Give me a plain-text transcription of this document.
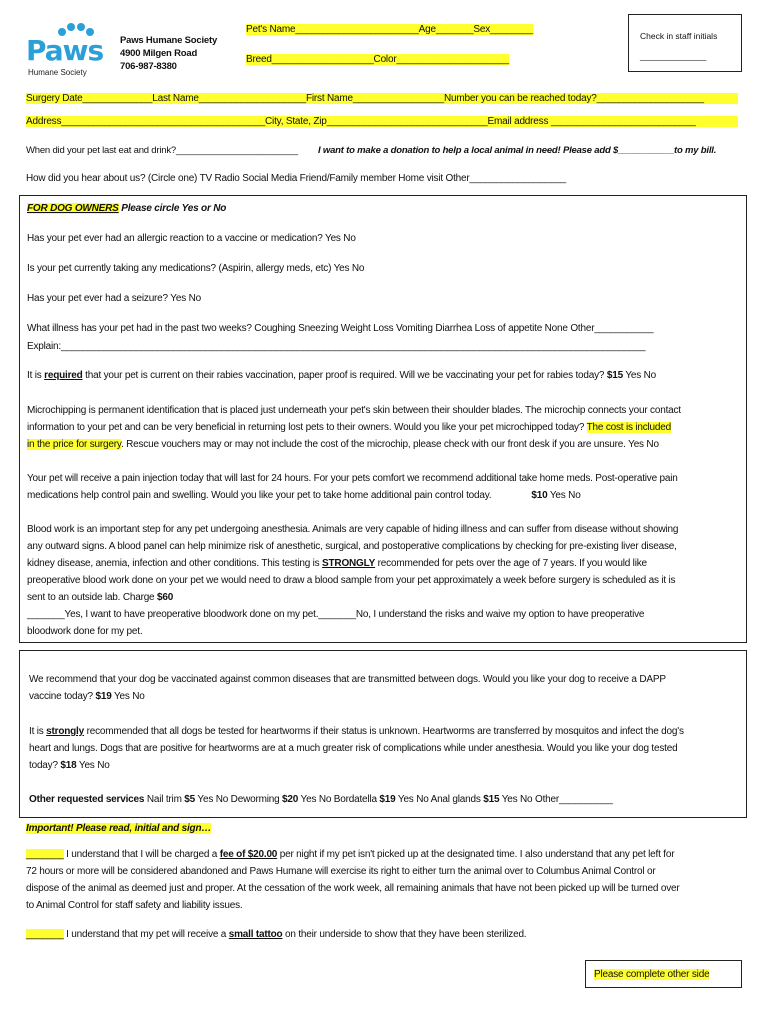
Paws
Humane Society
Paws Humane Society
4900 Milgen Road
706-987-8380
Pet's Name_______________________Age_______Sex________
Breed___________________Color_____________________
Check in staff initials
______________
Surgery Date_____________Last Name____________________First Name_________________Number you can be reached today?____________________
Address______________________________________City, State, Zip______________________________Email address ___________________________
When did your pet last eat and drink?________________________ I want to make a donation to help a local animal in need! Please add $___________to my bill.
How did you hear about us? (Circle one) TV Radio Social Media Friend/Family member Home visit Other__________________
FOR DOG OWNERS Please circle Yes or No
Has your pet ever had an allergic reaction to a vaccine or medication? Yes No
Is your pet currently taking any medications? (Aspirin, allergy meds, etc) Yes No
Has your pet ever had a seizure? Yes No
What illness has your pet had in the past two weeks? Coughing Sneezing Weight Loss Vomiting Diarrhea Loss of appetite None Other___________
Explain:_____________________________________________________________________________________________________________
It is required that your pet is current on their rabies vaccination, paper proof is required. Will we be vaccinating your pet for rabies today? $15 Yes No

Microchipping is permanent identification that is placed just underneath your pet's skin between their shoulder blades. The microchip connects your contact

information to your pet and can be very beneficial in returning lost pets to their owners. Would you like your pet microchipped today? The cost is included

in the price for surgery. Rescue vouchers may or may not include the cost of the microchip, please check with our front desk if you are unsure. Yes No

Your pet will receive a pain injection today that will last for 24 hours. For your pets comfort we recommend additional take home meds. Post-operative pain

medications help control pain and swelling. Would you like your pet to take home additional pain control today.	$10 Yes No

Blood work is an important step for any pet undergoing anesthesia. Animals are very capable of hiding illness and can suffer from disease without showing

any outward signs. A blood panel can help minimize risk of anesthetic, surgical, and postoperative complications by checking for pre-existing liver disease,

kidney disease, anemia, infection and other conditions. This testing is STRONGLY recommended for pets over the age of 7 years. If you would like

preoperative blood work done on your pet we would need to draw a blood sample from your pet approximately a week before surgery is scheduled as it is

sent to an outside lab. Charge $60

_______Yes, I want to have preoperative bloodwork done on my pet._______No, I understand the risks and waive my option to have preoperative

bloodwork done for my pet.

We recommend that your dog be vaccinated against common diseases that are transmitted between dogs. Would you like your dog to receive a DAPP

vaccine today? $19 Yes No

It is strongly recommended that all dogs be tested for heartworms if their status is unknown. Heartworms are transferred by mosquitos and infect the dog's

heart and lungs. Dogs that are positive for heartworms are at a much greater risk of complications while under anesthesia. Would you like your dog tested

today? $18 Yes No

Other requested services Nail trim $5 Yes No Deworming $20 Yes No Bordatella $19 Yes No Anal glands $15 Yes No Other__________
Important! Please read, initial and sign…

_______ I understand that I will be charged a fee of $20.00 per night if my pet isn't picked up at the designated time. I also understand that any pet left for

72 hours or more will be considered abandoned and Paws Humane will exercise its right to either turn the animal over to Columbus Animal Control or

dispose of the animal as deemed just and proper. At the cessation of the work week, all remaining animals that have not been picked up will be turned over

to Animal Control for staff safety and liability issues.

_______ I understand that my pet will receive a small tattoo on their underside to show that they have been sterilized.
Please complete other side
